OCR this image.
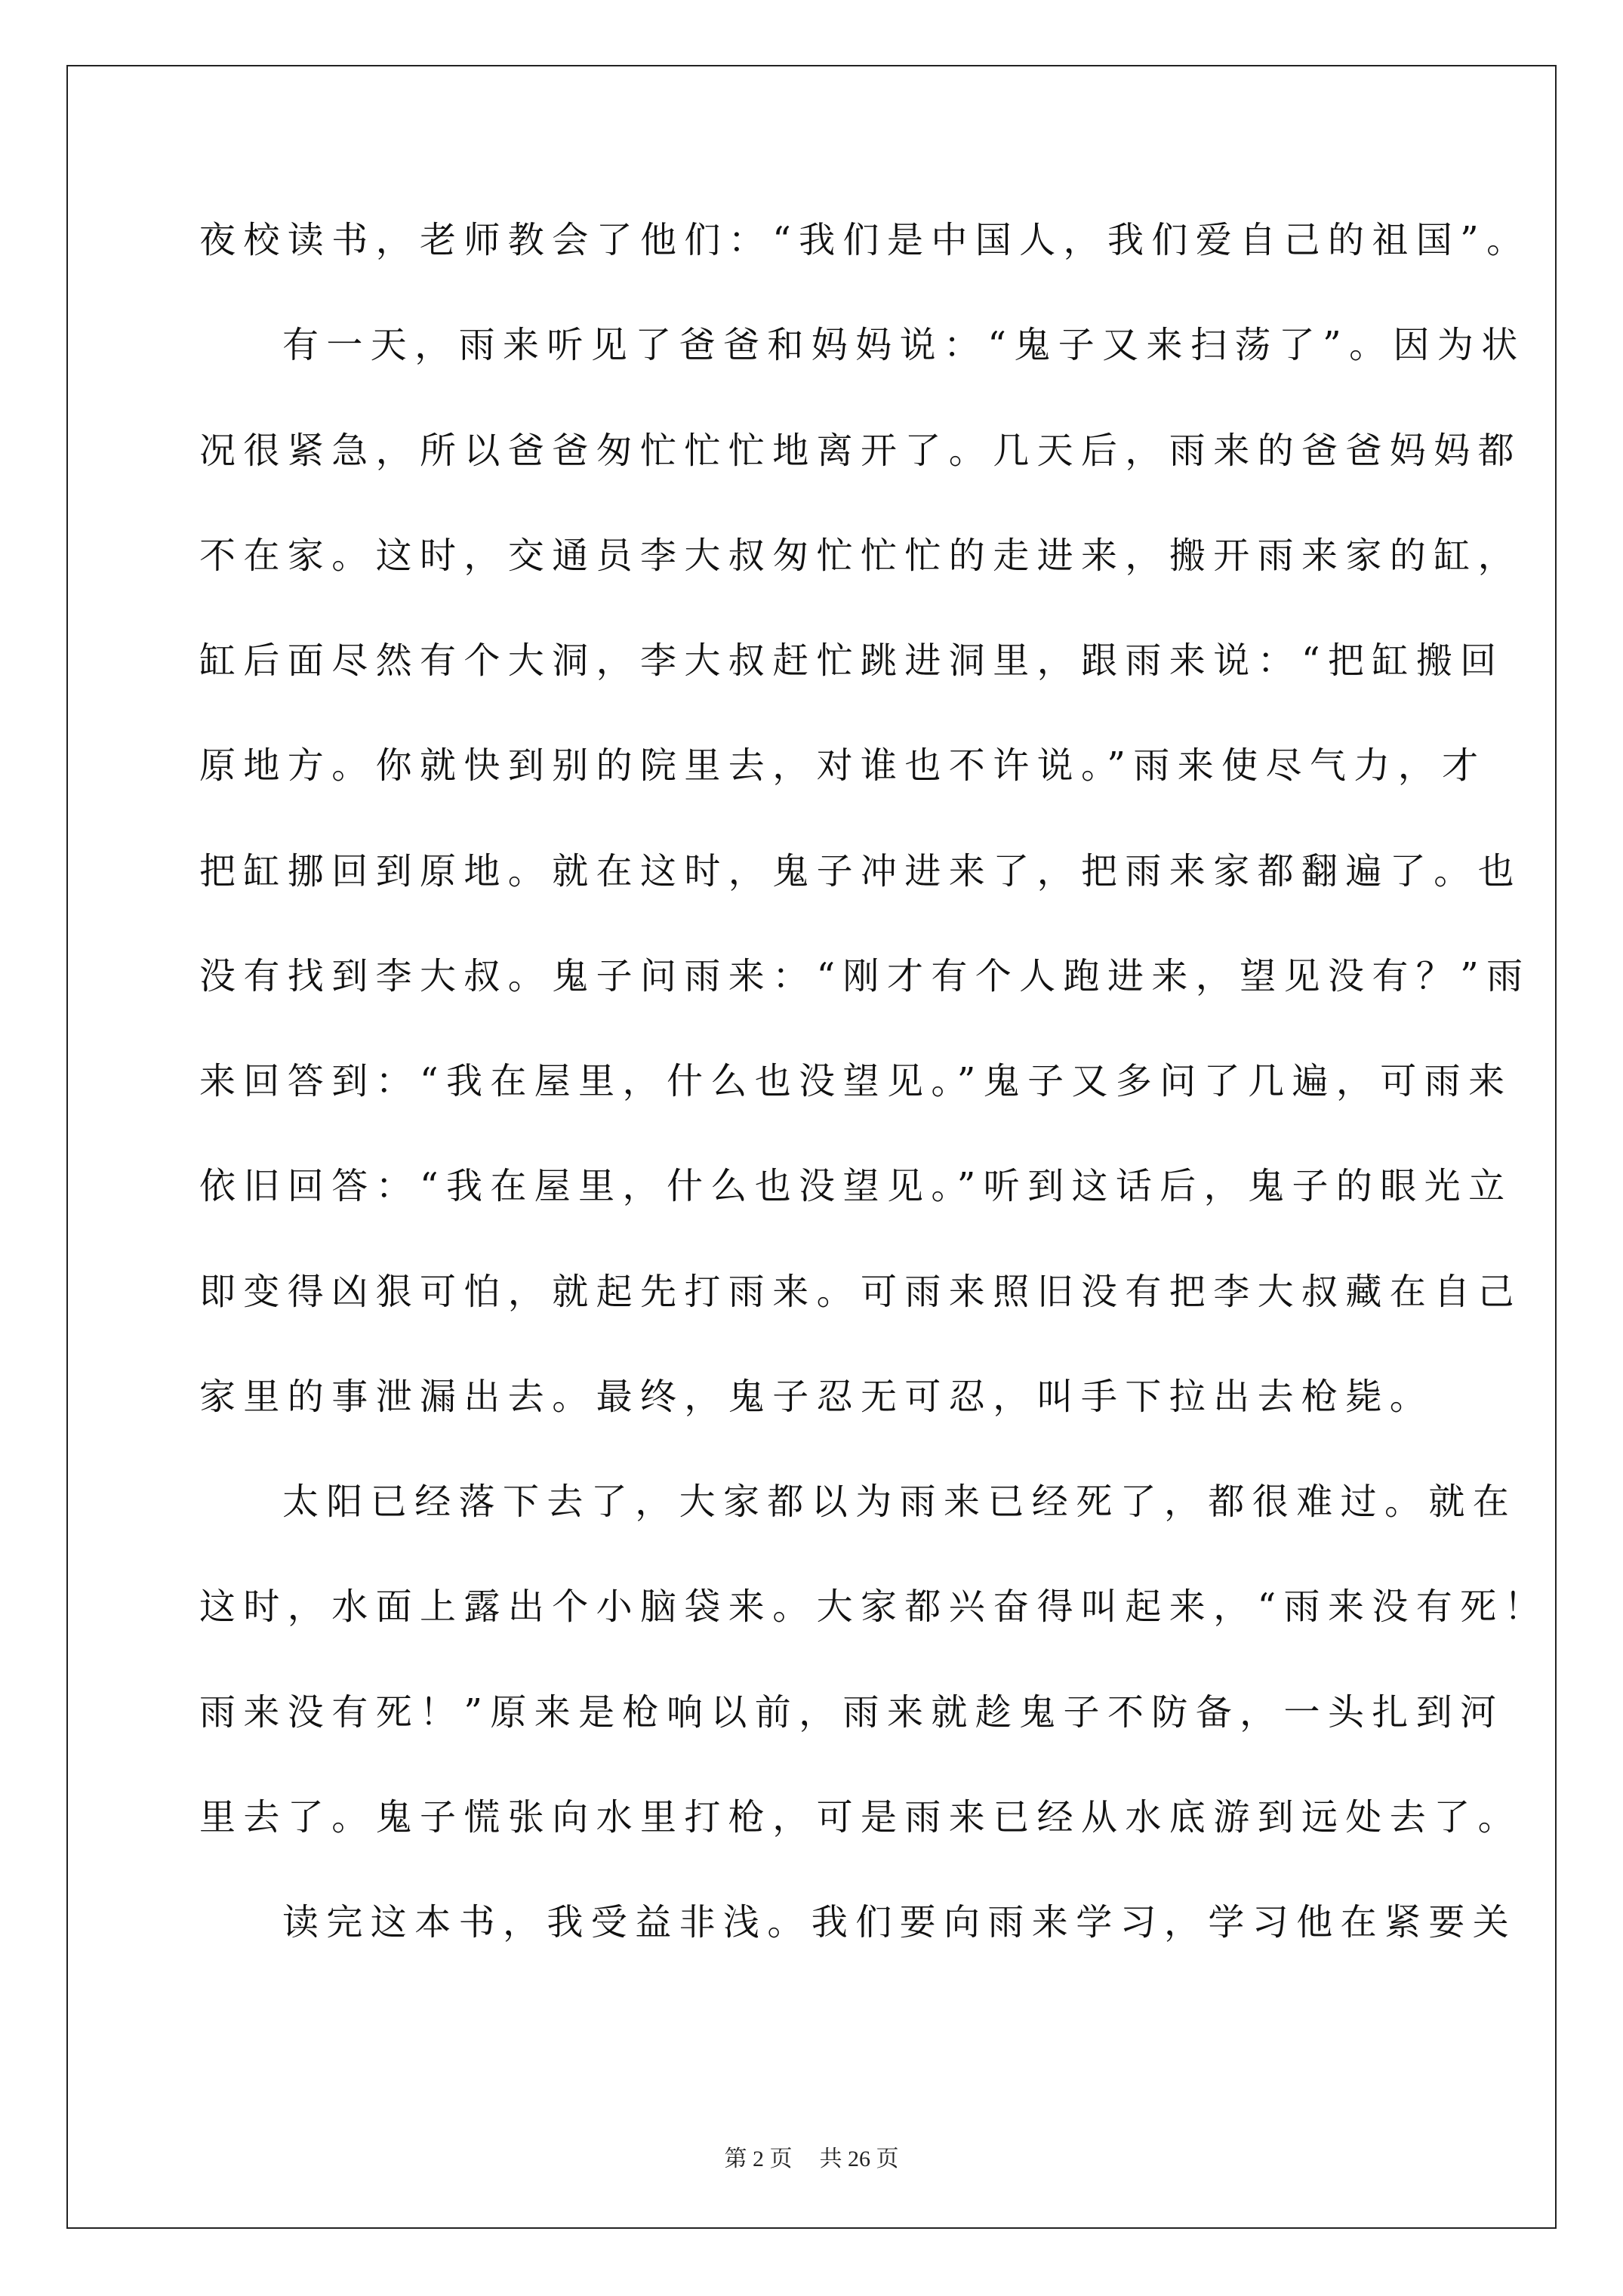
夜校读书，老师教会了他们：“我们是中国人，我们爱自己的祖国”。
有一天，雨来听见了爸爸和妈妈说：“鬼子又来扫荡了”。因为状
况很紧急，所以爸爸匆忙忙忙地离开了。几天后，雨来的爸爸妈妈都
不在家。这时，交通员李大叔匆忙忙忙的走进来，搬开雨来家的缸，
缸后面尽然有个大洞，李大叔赶忙跳进洞里，跟雨来说：“把缸搬回
原地方。你就快到别的院里去，对谁也不许说。”雨来使尽气力，才
把缸挪回到原地。就在这时，鬼子冲进来了，把雨来家都翻遍了。也
没有找到李大叔。鬼子问雨来：“刚才有个人跑进来，望见没有？”雨
来回答到：“我在屋里，什么也没望见。”鬼子又多问了几遍，可雨来
依旧回答：“我在屋里，什么也没望见。”听到这话后，鬼子的眼光立
即变得凶狠可怕，就起先打雨来。可雨来照旧没有把李大叔藏在自己
家里的事泄漏出去。最终，鬼子忍无可忍，叫手下拉出去枪毙。
太阳已经落下去了，大家都以为雨来已经死了，都很难过。就在
这时，水面上露出个小脑袋来。大家都兴奋得叫起来，“雨来没有死！
雨来没有死！”原来是枪响以前，雨来就趁鬼子不防备，一头扎到河
里去了。鬼子慌张向水里打枪，可是雨来已经从水底游到远处去了。
读完这本书，我受益非浅。我们要向雨来学习，学习他在紧要关
第 2 页 共 26 页
